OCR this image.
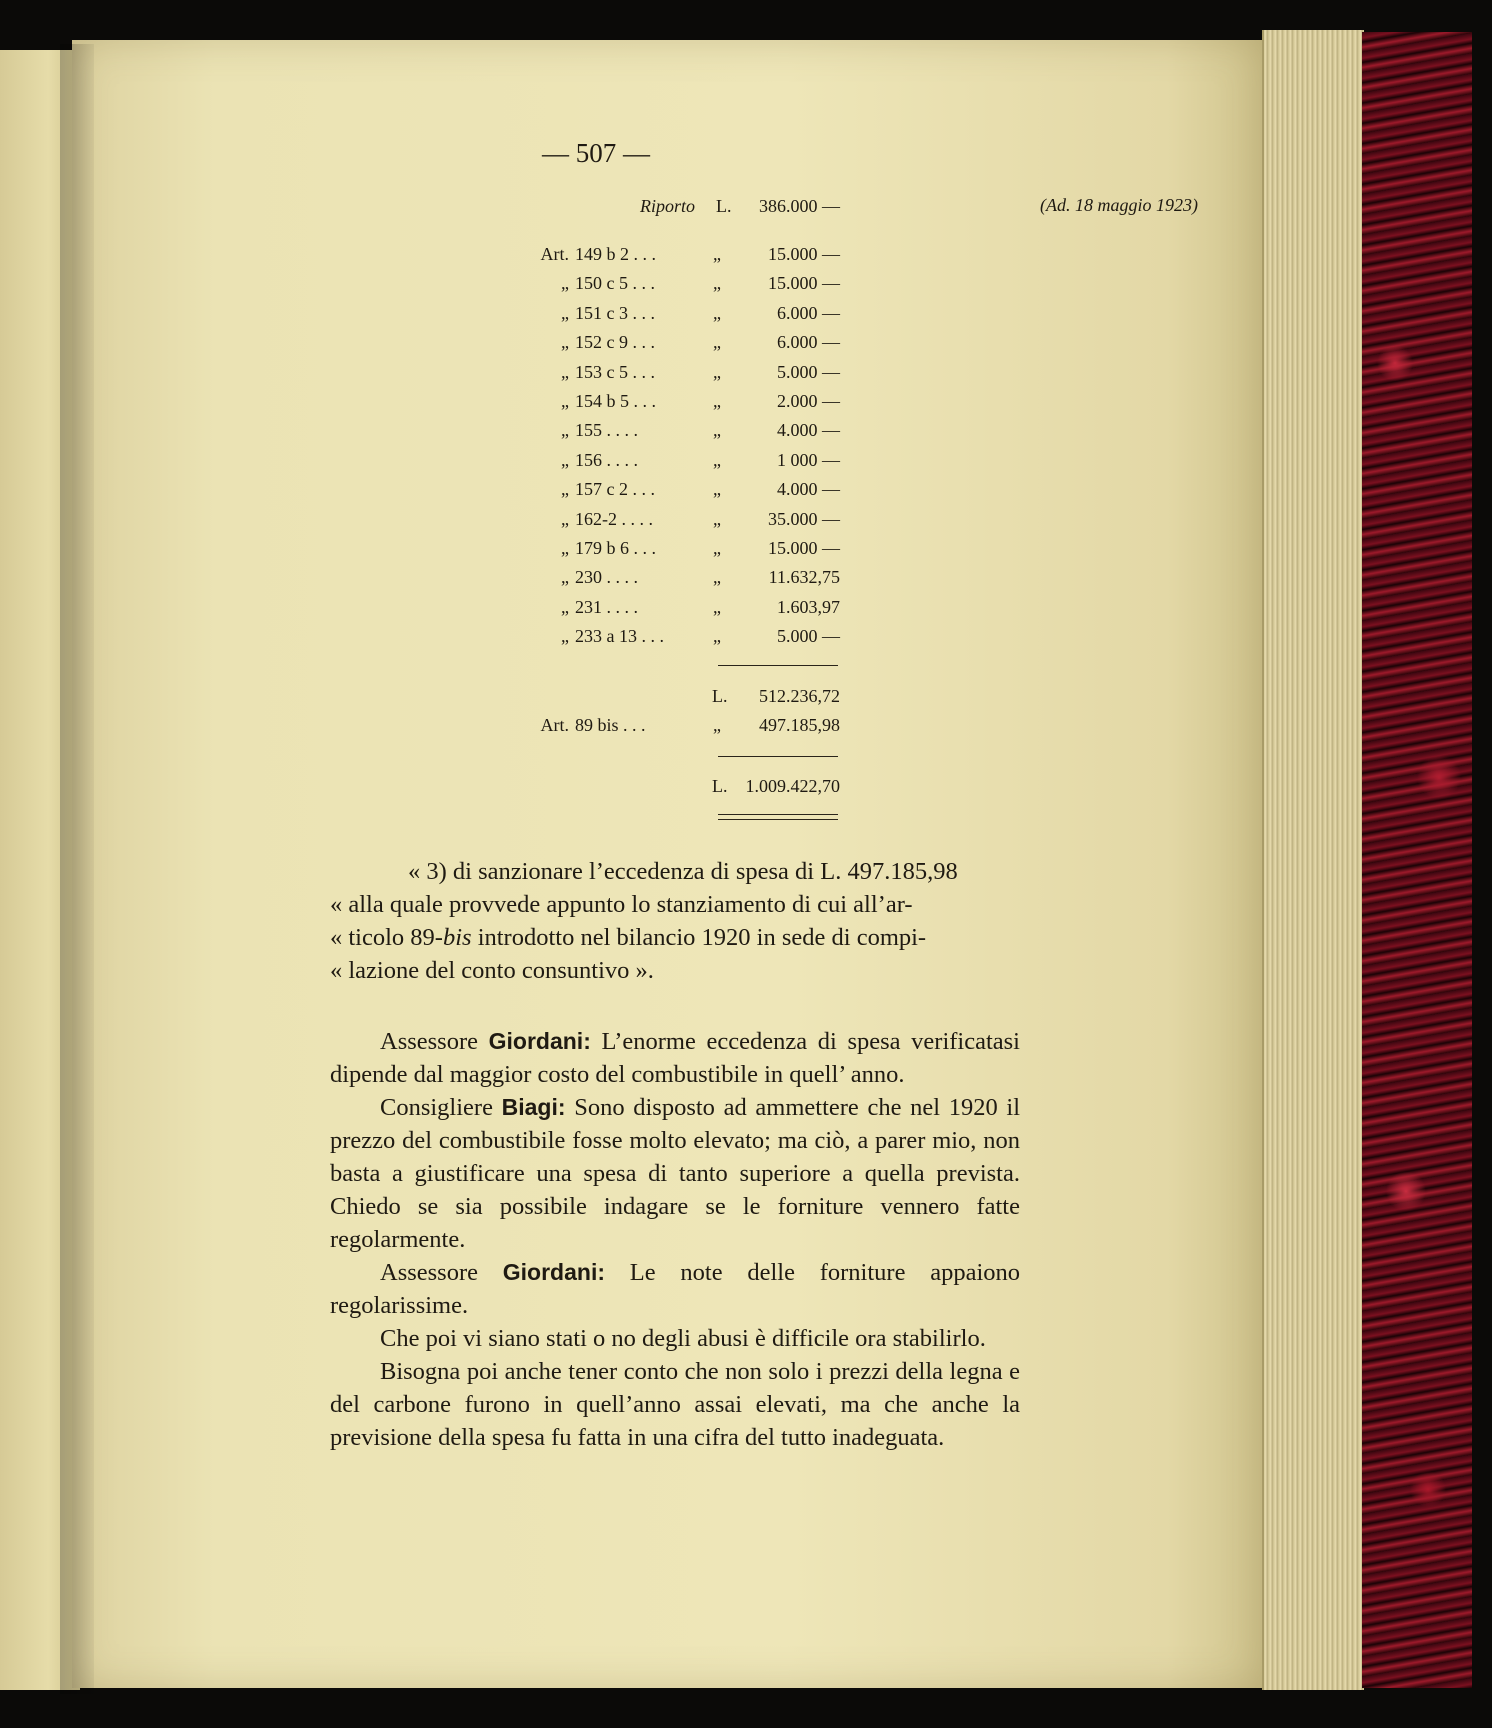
— 507 —
(Ad. 18 maggio 1923)
Riporto L.	386.000 —
Art. 149 b 2 . . .	„	15.000 —
„ 150 c 5 . . .	„	15.000 —
„ 151 c 3 . . .	„	6.000 —
„ 152 c 9 . . .	„	6.000 —
„ 153 c 5 . . .	„	5.000 —
„ 154 b 5 . . .	„	2.000 —
„ 155 . . . .	„	4.000 —
„ 156 . . . .	„	1 000 —
„ 157 c 2 . . .	„	4.000 —
„ 162-2 . . . .	„	35.000 —
„ 179 b 6 . . .	„	15.000 —
„ 230 . . . .	„	11.632,75
„ 231 . . . .	„	1.603,97
„ 233 a 13 . . .	„	5.000 —
L.	512.236,72
Art. 89 bis . . .	„	497.185,98
L.	1.009.422,70

« 3) di sanzionare l’eccedenza di spesa di L. 497.185,98

« alla quale provvede appunto lo stanziamento di cui all’ar-

« ticolo 89-bis introdotto nel bilancio 1920 in sede di compi-

« lazione del conto consuntivo ».

Assessore Giordani: L’enorme eccedenza di spesa verificatasi dipende dal maggior costo del combustibile in quell’ anno.

Consigliere Biagi: Sono disposto ad ammettere che nel 1920 il prezzo del combustibile fosse molto elevato; ma ciò, a parer mio, non basta a giustificare una spesa di tanto superiore a quella prevista. Chiedo se sia possibile indagare se le forniture vennero fatte regolarmente.

Assessore Giordani: Le note delle forniture appaiono regolarissime.

Che poi vi siano stati o no degli abusi è difficile ora stabilirlo.

Bisogna poi anche tener conto che non solo i prezzi della legna e del carbone furono in quell’anno assai elevati, ma che anche la previsione della spesa fu fatta in una cifra del tutto inadeguata.
